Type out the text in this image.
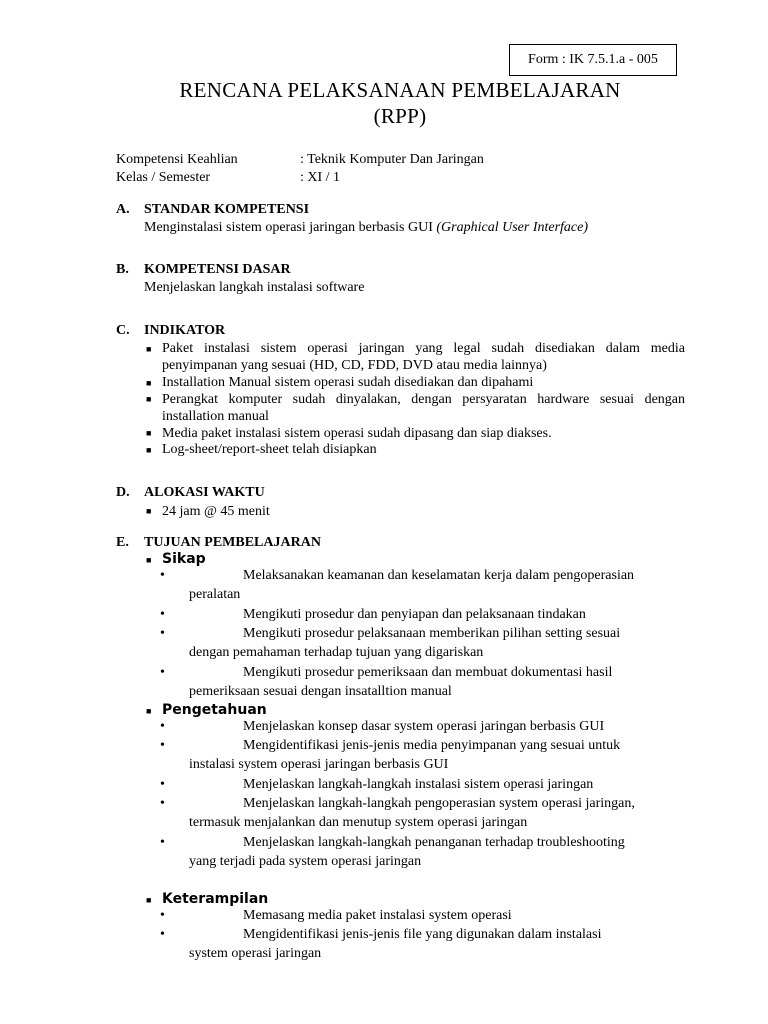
Form : IK 7.5.1.a - 005
RENCANA PELAKSANAAN PEMBELAJARAN
(RPP)
Kompetensi Keahlian	: Teknik Komputer Dan Jaringan
Kelas / Semester	: XI / 1
A. STANDAR KOMPETENSI
Menginstalasi sistem operasi jaringan berbasis GUI (Graphical User Interface)
B. KOMPETENSI DASAR
Menjelaskan langkah instalasi software
C. INDIKATOR
■ Paket instalasi sistem operasi jaringan yang legal sudah disediakan dalam media penyimpanan yang sesuai (HD, CD, FDD, DVD atau media lainnya)
■ Installation Manual sistem operasi sudah disediakan dan dipahami
■ Perangkat komputer sudah dinyalakan, dengan persyaratan hardware sesuai dengan installation manual
■ Media paket instalasi sistem operasi sudah dipasang dan siap diakses.
■ Log-sheet/report-sheet telah disiapkan
D. ALOKASI WAKTU
■ 24 jam @ 45 menit
E. TUJUAN PEMBELAJARAN
■ Sikap
•	Melaksanakan keamanan dan keselamatan kerja dalam pengoperasian
peralatan
•	Mengikuti prosedur dan penyiapan dan pelaksanaan tindakan
•	Mengikuti prosedur pelaksanaan memberikan pilihan setting sesuai
dengan pemahaman terhadap tujuan yang digariskan
•	Mengikuti prosedur pemeriksaan dan membuat dokumentasi hasil
pemeriksaan sesuai dengan insatalltion manual
■ Pengetahuan
•	Menjelaskan konsep dasar system operasi jaringan berbasis GUI
•	Mengidentifikasi jenis-jenis media penyimpanan yang sesuai untuk
instalasi system operasi jaringan berbasis GUI
•	Menjelaskan langkah-langkah instalasi sistem operasi jaringan
•	Menjelaskan langkah-langkah pengoperasian system operasi jaringan,
termasuk menjalankan dan menutup system operasi jaringan
•	Menjelaskan langkah-langkah penanganan terhadap troubleshooting
yang terjadi pada system operasi jaringan
■ Keterampilan
•	Memasang media paket instalasi system operasi
•	Mengidentifikasi jenis-jenis file yang digunakan dalam instalasi
system operasi jaringan
